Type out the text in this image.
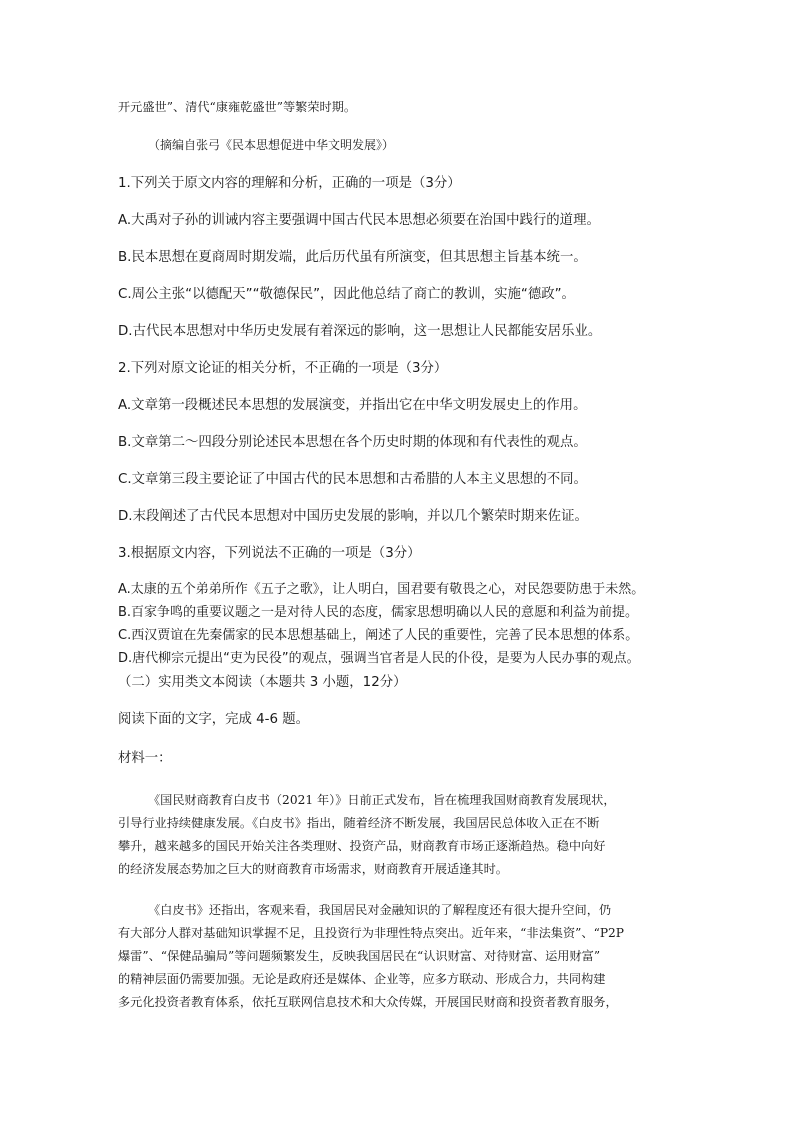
开元盛世”、清代“康雍乾盛世”等繁荣时期。
（摘编自张弓《民本思想促进中华文明发展》）
1.下列关于原文内容的理解和分析，正确的一项是（3分）
A.大禹对子孙的训诫内容主要强调中国古代民本思想必须要在治国中践行的道理。
B.民本思想在夏商周时期发端，此后历代虽有所演变，但其思想主旨基本统一。
C.周公主张“以德配天”“敬德保民”，因此他总结了商亡的教训，实施“德政”。
D.古代民本思想对中华历史发展有着深远的影响，这一思想让人民都能安居乐业。
2.下列对原文论证的相关分析，不正确的一项是（3分）
A.文章第一段概述民本思想的发展演变，并指出它在中华文明发展史上的作用。
B.文章第二～四段分别论述民本思想在各个历史时期的体现和有代表性的观点。
C.文章第三段主要论证了中国古代的民本思想和古希腊的人本主义思想的不同。
D.末段阐述了古代民本思想对中国历史发展的影响，并以几个繁荣时期来佐证。
3.根据原文内容，下列说法不正确的一项是（3分）
A.太康的五个弟弟所作《五子之歌》，让人明白，国君要有敬畏之心，对民怨要防患于未然。
B.百家争鸣的重要议题之一是对待人民的态度，儒家思想明确以人民的意愿和利益为前提。
C.西汉贾谊在先秦儒家的民本思想基础上，阐述了人民的重要性，完善了民本思想的体系。
D.唐代柳宗元提出“吏为民役”的观点，强调当官者是人民的仆役，是要为人民办事的观点。
（二）实用类文本阅读（本题共 3 小题，12分）
阅读下面的文字，完成 4-6 题。
材料一：
《国民财商教育白皮书（2021 年）》日前正式发布，旨在梳理我国财商教育发展现状，
引导行业持续健康发展。《白皮书》指出，随着经济不断发展，我国居民总体收入正在不断
攀升，越来越多的国民开始关注各类理财、投资产品，财商教育市场正逐渐趋热。稳中向好
的经济发展态势加之巨大的财商教育市场需求，财商教育开展适逢其时。
《白皮书》还指出，客观来看，我国居民对金融知识的了解程度还有很大提升空间，仍
有大部分人群对基础知识掌握不足，且投资行为非理性特点突出。近年来，“非法集资”、“P2P
爆雷”、“保健品骗局”等问题频繁发生，反映我国居民在“认识财富、对待财富、运用财富”
的精神层面仍需要加强。无论是政府还是媒体、企业等，应多方联动、形成合力，共同构建
多元化投资者教育体系，依托互联网信息技术和大众传媒，开展国民财商和投资者教育服务，
